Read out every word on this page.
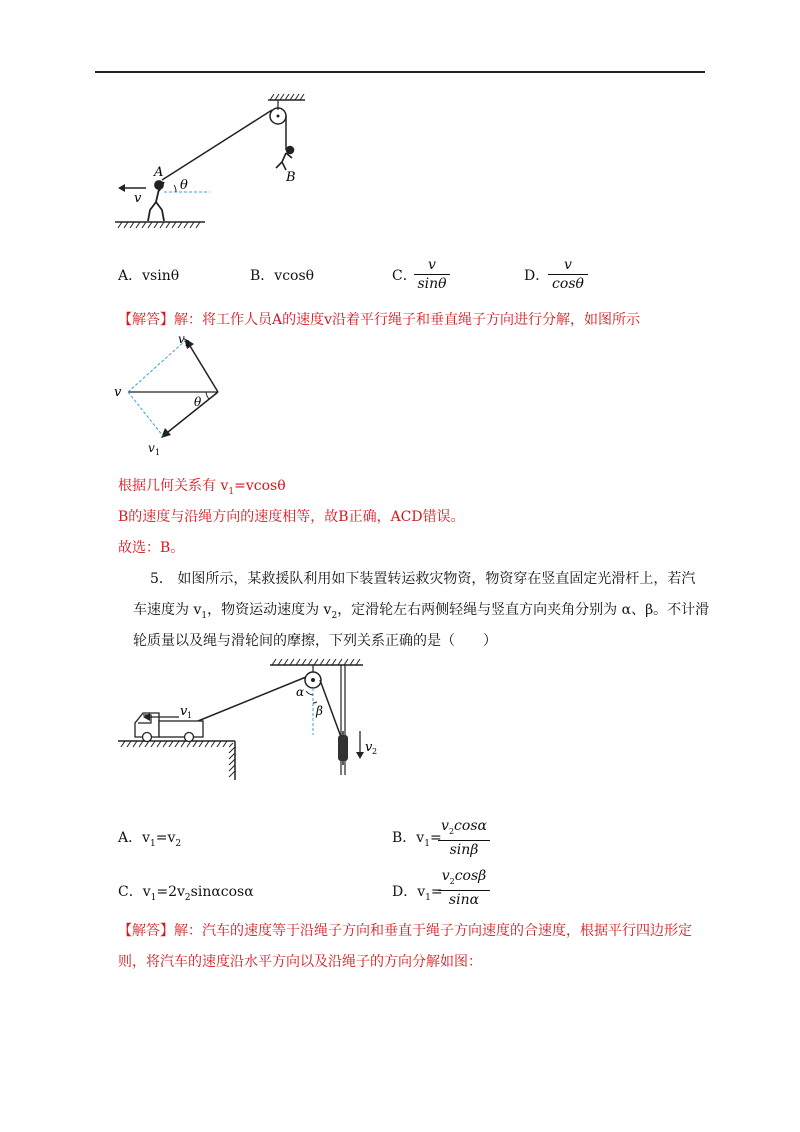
B
A
θ
v
A．vsinθ	B．vcosθ	C．
$\frac{v}{\sin\theta}$	D．
$\frac{v}{\cos\theta}$
【解答】解：将工作人员A的速度v沿着平行绳子和垂直绳子方向进行分解，如图所示
θ
v
v 2
v 1
根据几何关系有 $v_1=vcos\theta$
B的速度与沿绳方向的速度相等，故B正确，ACD错误。
故选：B。
5． 如图所示，某救援队利用如下装置转运救灾物资，物资穿在竖直固定光滑杆上，若汽
车速度为 $v_1$，物资运动速度为 $v_2$，定滑轮左右两侧轻绳与竖直方向夹角分别为 α、β。不计滑
轮质量以及绳与滑轮间的摩擦，下列关系正确的是（　　）
α
β
v 2
v 1
A．$v_1=v_2$	B．$v_1=$
$\frac{v_2\cos\alpha}{\sin\beta}$
C．$v_1=2v_2\sin\alpha\cos\alpha$	D．$v_1=$
$\frac{v_2\cos\beta}{\sin\alpha}$
【解答】解：汽车的速度等于沿绳子方向和垂直于绳子方向速度的合速度，根据平行四边形定
则，将汽车的速度沿水平方向以及沿绳子的方向分解如图：
